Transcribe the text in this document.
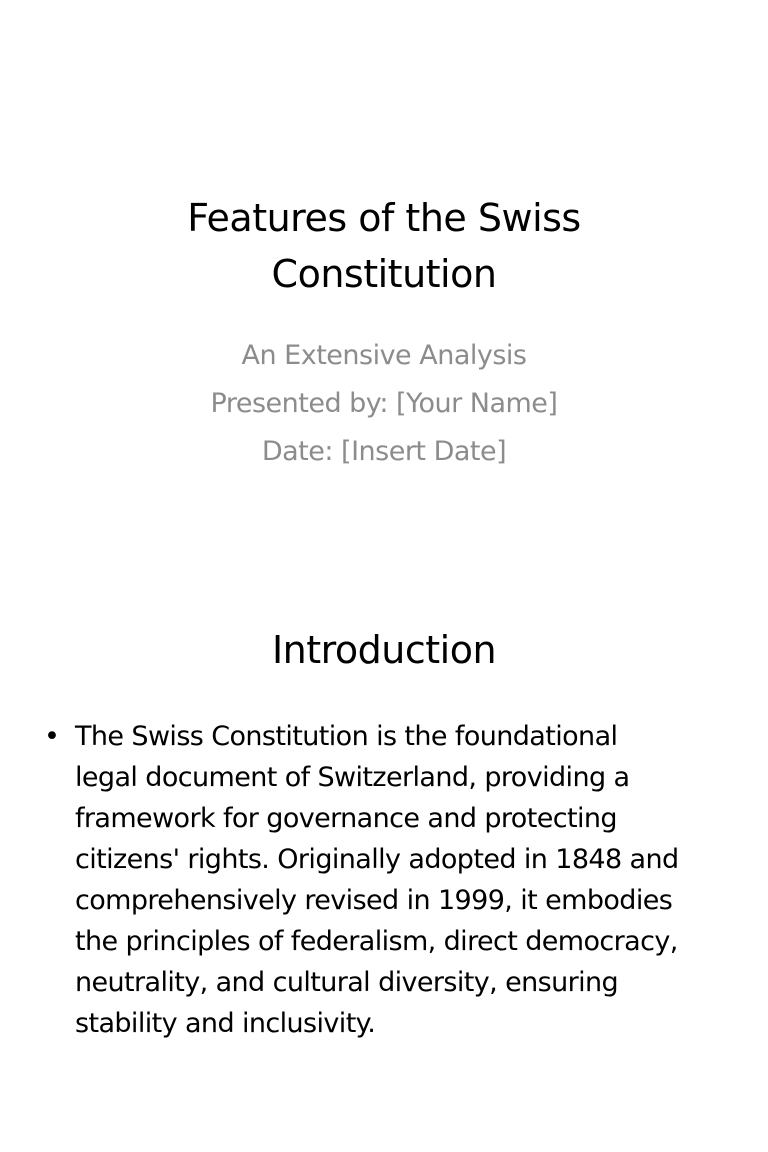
Features of the Swiss
Constitution
An Extensive Analysis
Presented by: [Your Name]
Date: [Insert Date]
Introduction
• The Swiss Constitution is the foundational
legal document of Switzerland, providing a
framework for governance and protecting
citizens' rights. Originally adopted in 1848 and
comprehensively revised in 1999, it embodies
the principles of federalism, direct democracy,
neutrality, and cultural diversity, ensuring
stability and inclusivity.
